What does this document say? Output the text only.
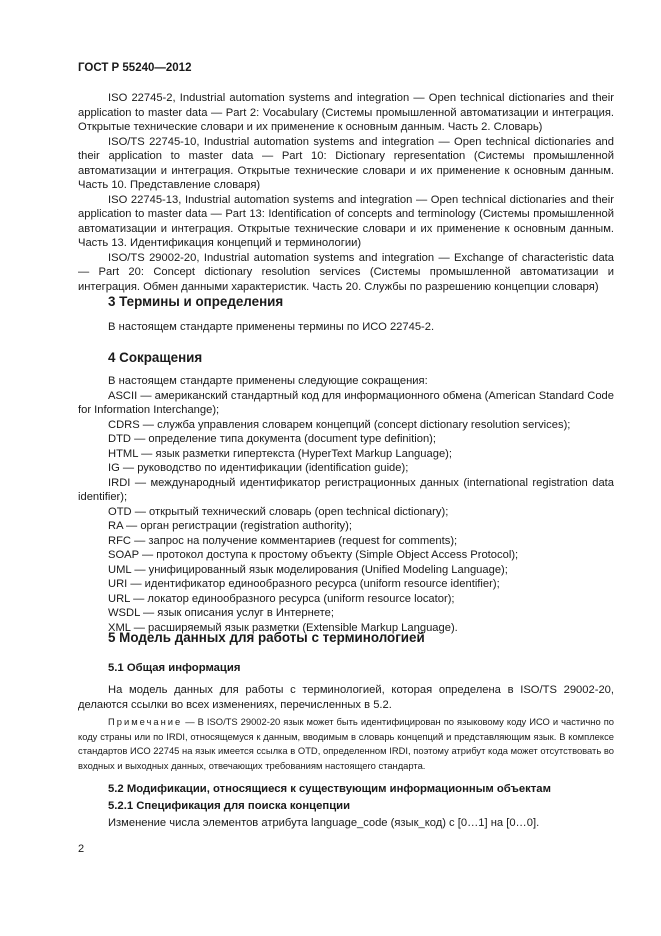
ГОСТ Р 55240—2012

ISO 22745-2, Industrial automation systems and integration — Open technical dictionaries and their application to master data — Part 2: Vocabulary (Системы промышленной автоматизации и интеграция. Открытые технические словари и их применение к основным данным. Часть 2. Словарь)

ISO/TS 22745-10, Industrial automation systems and integration — Open technical dictionaries and their application to master data — Part 10: Dictionary representation (Системы промышленной автоматизации и интеграция. Открытые технические словари и их применение к основным данным. Часть 10. Представление словаря)

ISO 22745-13, Industrial automation systems and integration — Open technical dictionaries and their application to master data — Part 13: Identification of concepts and terminology (Системы промышленной автоматизации и интеграция. Открытые технические словари и их применение к основным данным. Часть 13. Идентификация концепций и терминологии)

ISO/TS 29002-20, Industrial automation systems and integration — Exchange of characteristic data — Part 20: Concept dictionary resolution services (Системы промышленной автоматизации и интеграция. Обмен данными характеристик. Часть 20. Службы по разрешению концепции словаря)

3 Термины и определения

В настоящем стандарте применены термины по ИСО 22745-2.

4 Сокращения

В настоящем стандарте применены следующие сокращения:

ASCII — американский стандартный код для информационного обмена (American Standard Code for Information Interchange);

CDRS — служба управления словарем концепций (concept dictionary resolution services);

DTD — определение типа документа (document type definition);

HTML — язык разметки гипертекста (HyperText Markup Language);

IG — руководство по идентификации (identification guide);

IRDI — международный идентификатор регистрационных данных (international registration data identifier);

OTD — открытый технический словарь (open technical dictionary);

RA — орган регистрации (registration authority);

RFC — запрос на получение комментариев (request for comments);

SOAP — протокол доступа к простому объекту (Simple Object Access Protocol);

UML — унифицированный язык моделирования (Unified Modeling Language);

URI — идентификатор единообразного ресурса (uniform resource identifier);

URL — локатор единообразного ресурса (uniform resource locator);

WSDL — язык описания услуг в Интернете;

XML — расширяемый язык разметки (Extensible Markup Language).

5 Модель данных для работы с терминологией
5.1 Общая информация

На модель данных для работы с терминологией, которая определена в ISO/TS 29002-20, делаются ссылки во всех изменениях, перечисленных в 5.2.

Примечание — В ISO/TS 29002-20 язык может быть идентифицирован по языковому коду ИСО и частично по коду страны или по IRDI, относящемуся к данным, вводимым в словарь концепций и представляющим язык. В комплексе стандартов ИСО 22745 на язык имеется ссылка в OTD, определенном IRDI, поэтому атрибут кода может отсутствовать во входных и выходных данных, отвечающих требованиям настоящего стандарта.

5.2 Модификации, относящиеся к существующим информационным объектам
5.2.1 Спецификация для поиска концепции

Изменение числа элементов атрибута language_code (язык_код) с [0…1] на [0…0].

2
